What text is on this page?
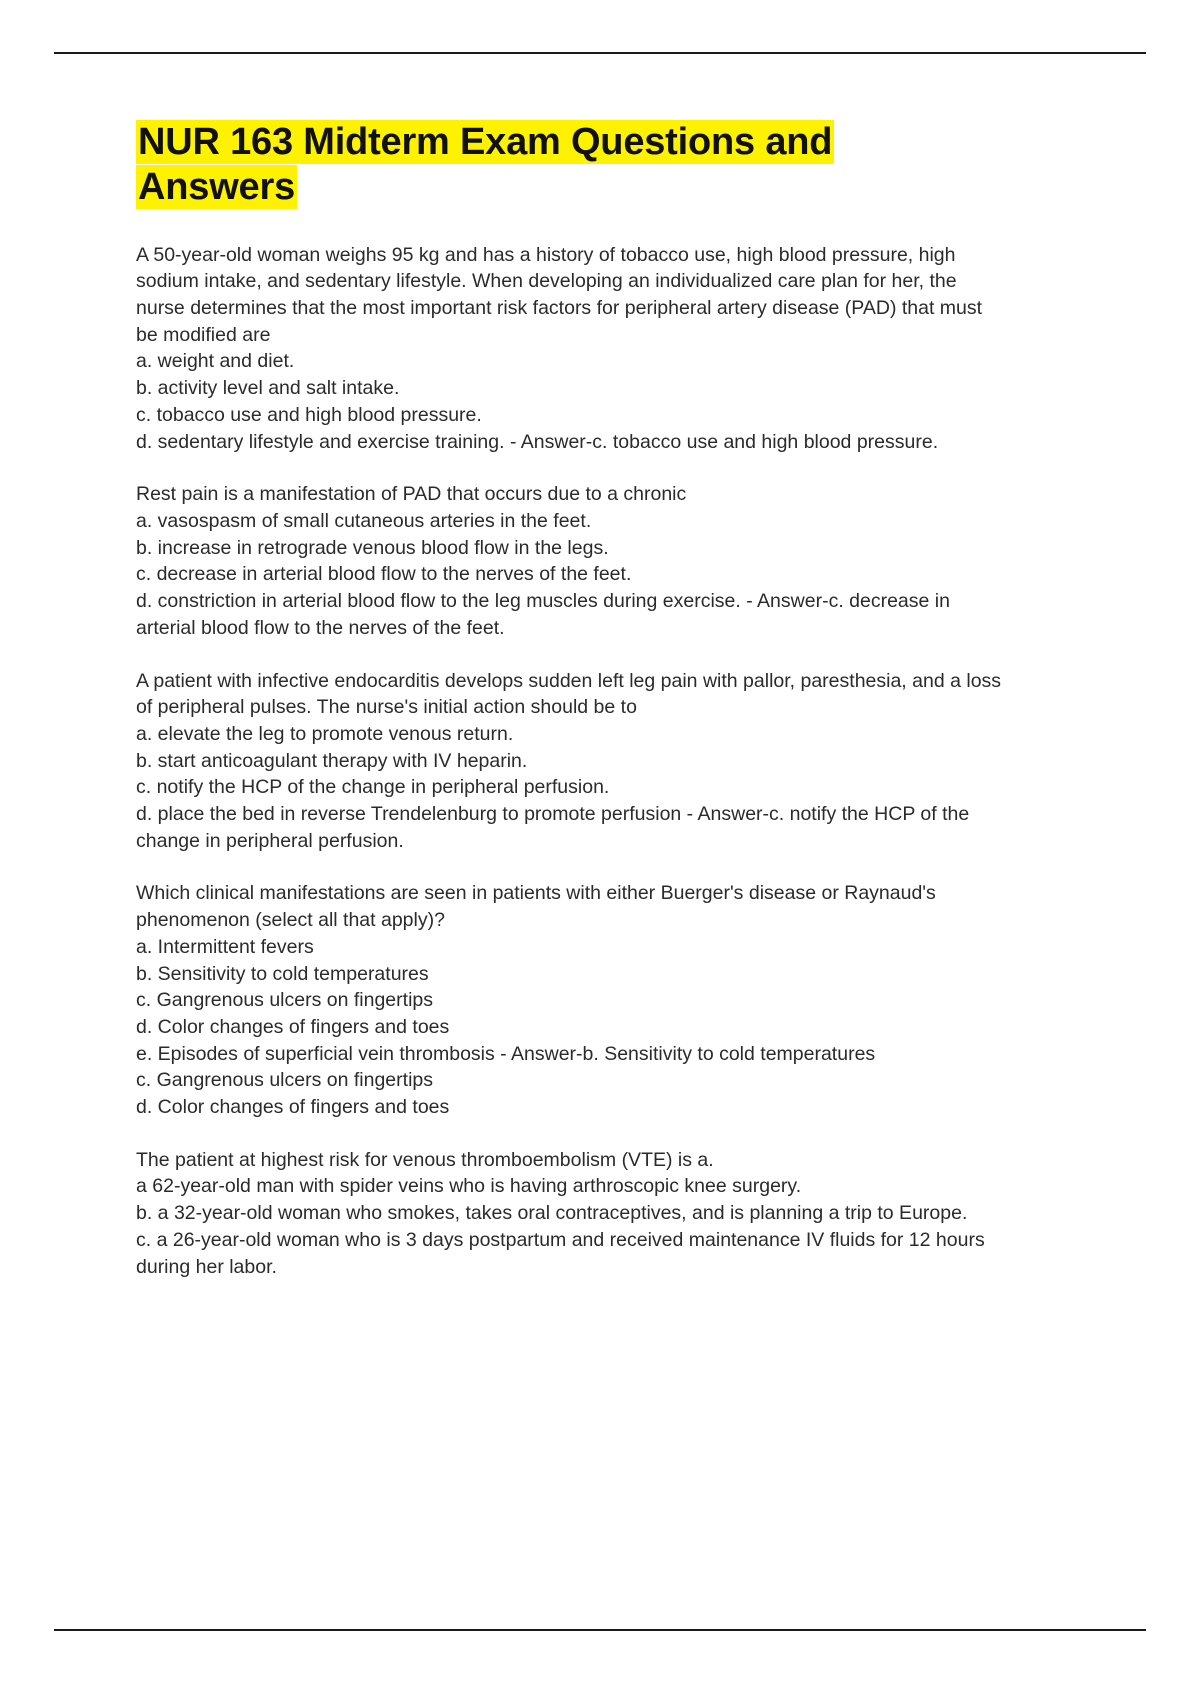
NUR 163 Midterm Exam Questions and
Answers

A 50-year-old woman weighs 95 kg and has a history of tobacco use, high blood pressure, high sodium intake, and sedentary lifestyle. When developing an individualized care plan for her, the nurse determines that the most important risk factors for peripheral artery disease (PAD) that must be modified are

a. weight and diet.

b. activity level and salt intake.

c. tobacco use and high blood pressure.

d. sedentary lifestyle and exercise training. - Answer-c. tobacco use and high blood pressure.

Rest pain is a manifestation of PAD that occurs due to a chronic

a. vasospasm of small cutaneous arteries in the feet.

b. increase in retrograde venous blood flow in the legs.

c. decrease in arterial blood flow to the nerves of the feet.

d. constriction in arterial blood flow to the leg muscles during exercise. - Answer-c. decrease in arterial blood flow to the nerves of the feet.

A patient with infective endocarditis develops sudden left leg pain with pallor, paresthesia, and a loss of peripheral pulses. The nurse's initial action should be to

a. elevate the leg to promote venous return.

b. start anticoagulant therapy with IV heparin.

c. notify the HCP of the change in peripheral perfusion.

d. place the bed in reverse Trendelenburg to promote perfusion - Answer-c. notify the HCP of the change in peripheral perfusion.

Which clinical manifestations are seen in patients with either Buerger's disease or Raynaud's phenomenon (select all that apply)?

a. Intermittent fevers

b. Sensitivity to cold temperatures

c. Gangrenous ulcers on fingertips

d. Color changes of fingers and toes

e. Episodes of superficial vein thrombosis - Answer-b. Sensitivity to cold temperatures

c. Gangrenous ulcers on fingertips

d. Color changes of fingers and toes

The patient at highest risk for venous thromboembolism (VTE) is a.

a 62-year-old man with spider veins who is having arthroscopic knee surgery.

b. a 32-year-old woman who smokes, takes oral contraceptives, and is planning a trip to Europe.

c. a 26-year-old woman who is 3 days postpartum and received maintenance IV fluids for 12 hours during her labor.
